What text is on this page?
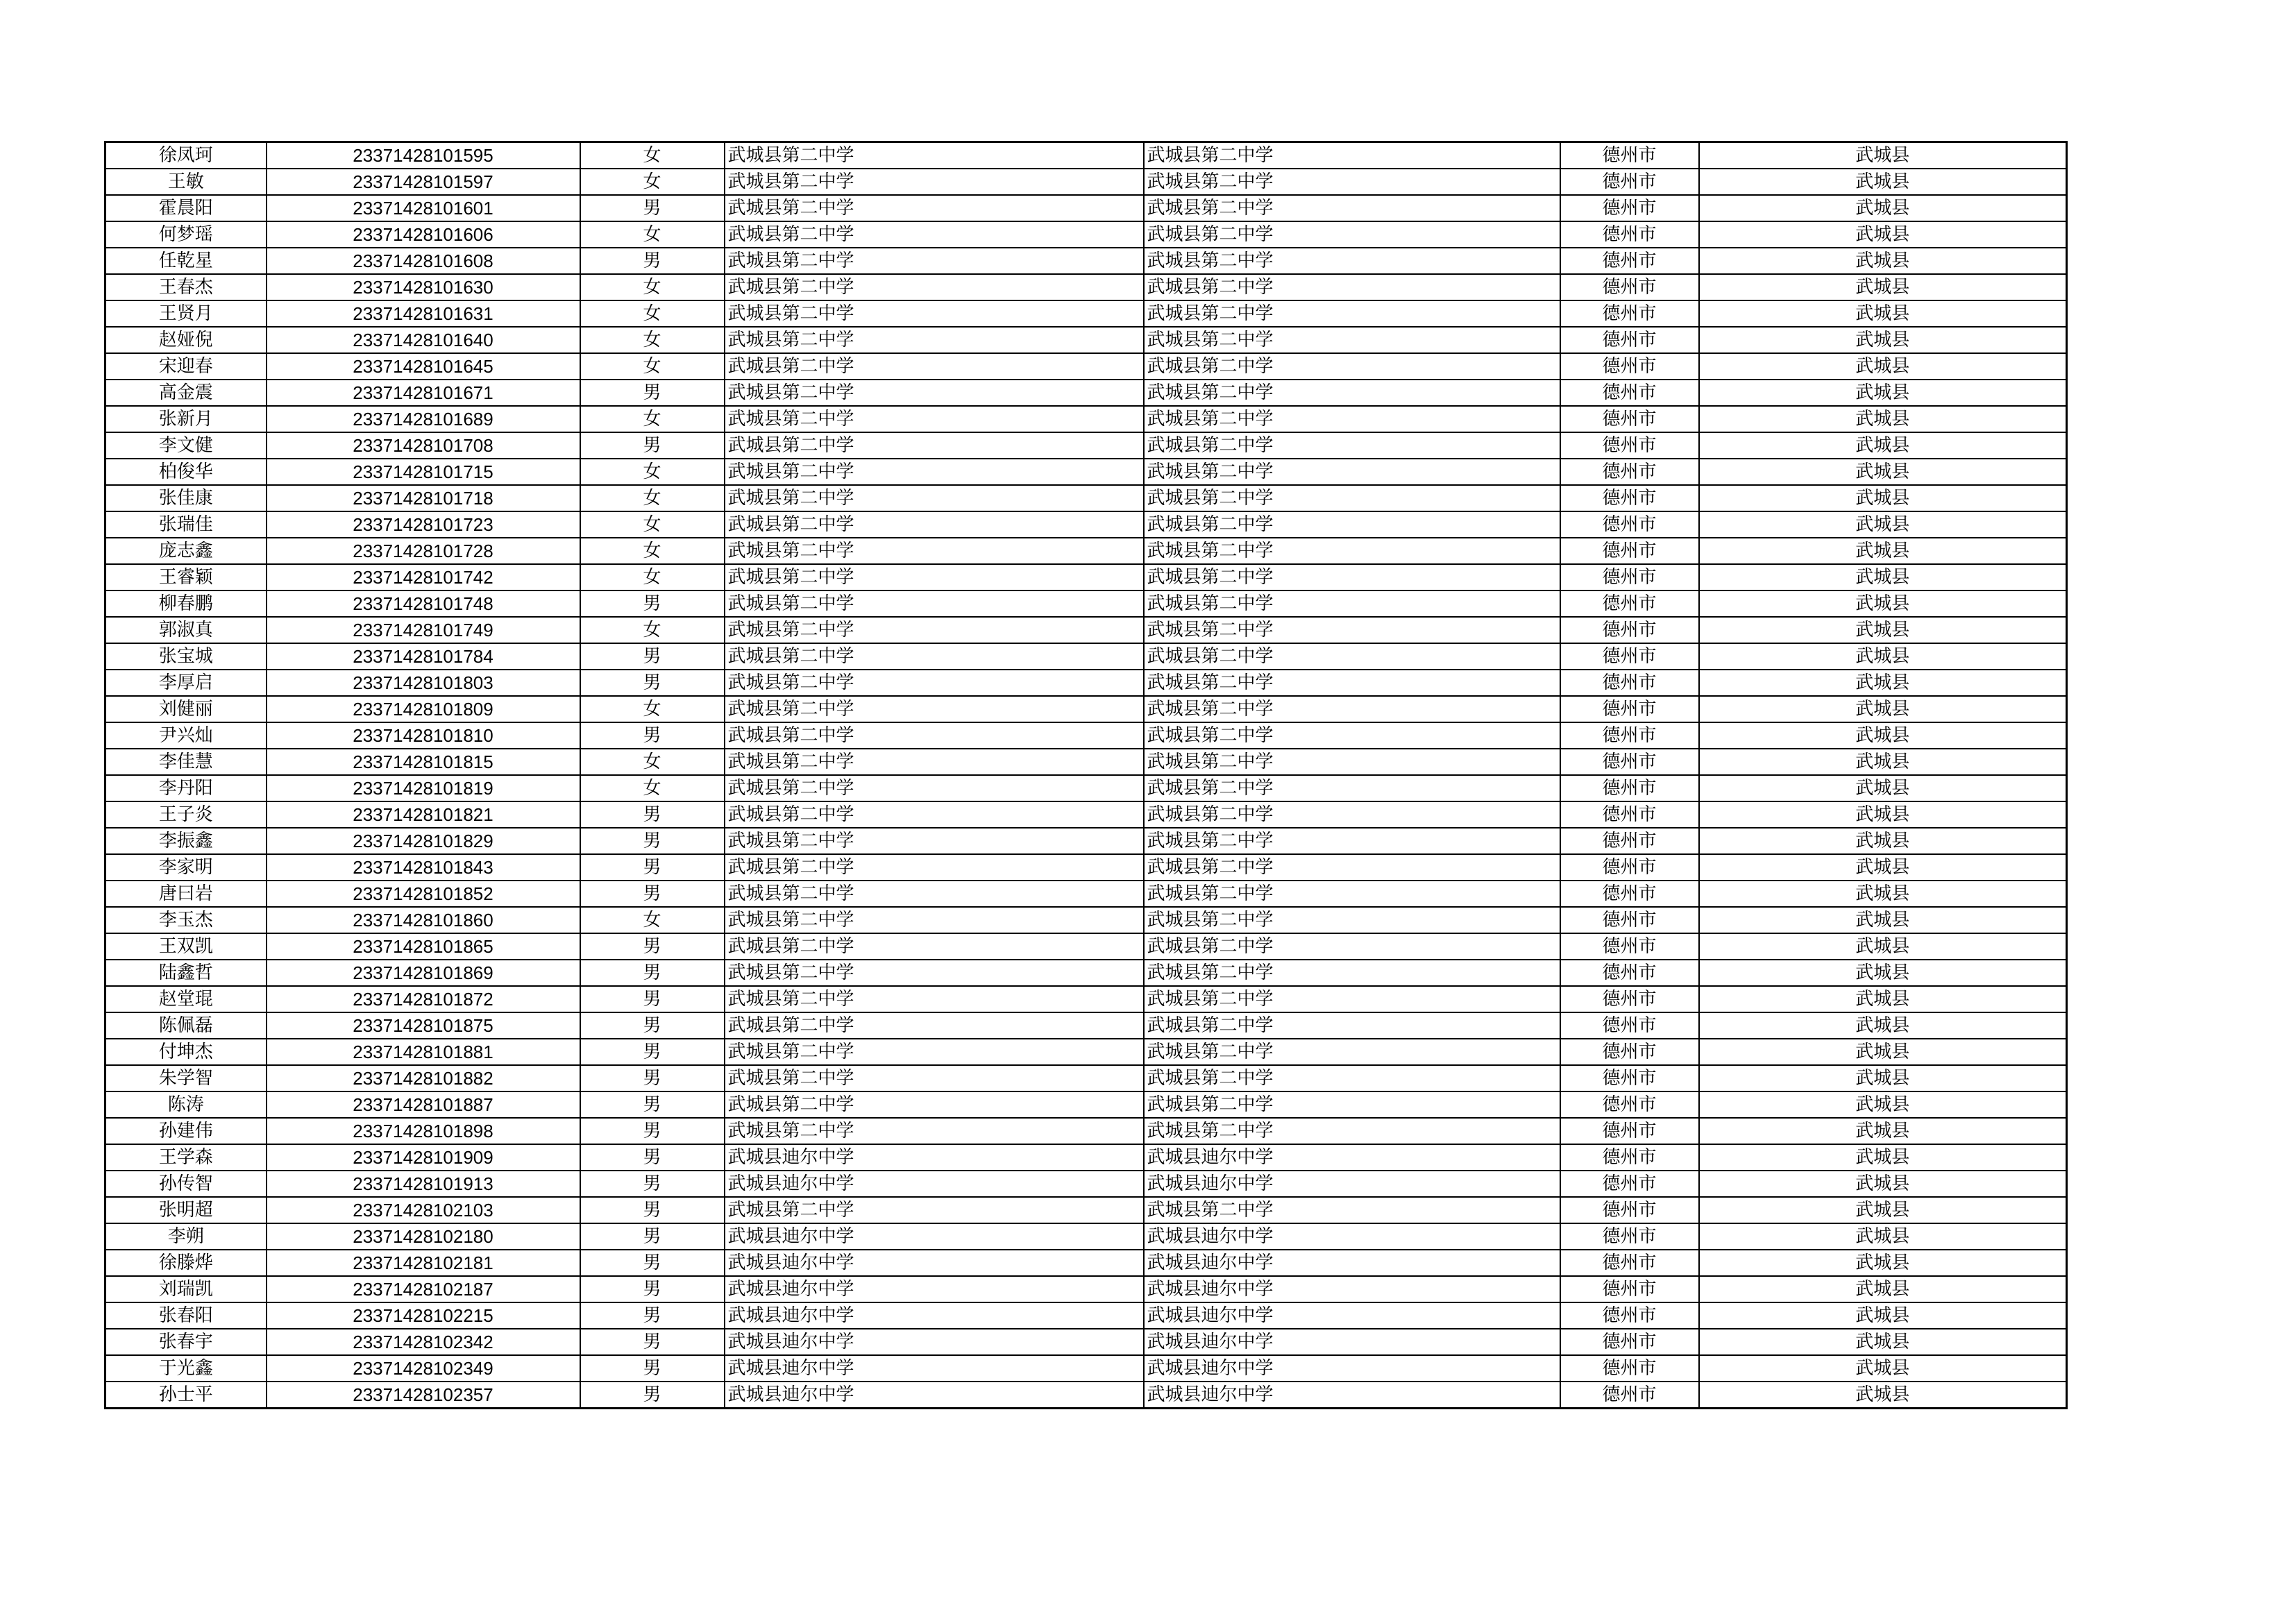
徐凤珂	23371428101595	女	武城县第二中学	武城县第二中学	德州市	武城县
王敏	23371428101597	女	武城县第二中学	武城县第二中学	德州市	武城县
霍晨阳	23371428101601	男	武城县第二中学	武城县第二中学	德州市	武城县
何梦瑶	23371428101606	女	武城县第二中学	武城县第二中学	德州市	武城县
任乾星	23371428101608	男	武城县第二中学	武城县第二中学	德州市	武城县
王春杰	23371428101630	女	武城县第二中学	武城县第二中学	德州市	武城县
王贤月	23371428101631	女	武城县第二中学	武城县第二中学	德州市	武城县
赵娅倪	23371428101640	女	武城县第二中学	武城县第二中学	德州市	武城县
宋迎春	23371428101645	女	武城县第二中学	武城县第二中学	德州市	武城县
高金震	23371428101671	男	武城县第二中学	武城县第二中学	德州市	武城县
张新月	23371428101689	女	武城县第二中学	武城县第二中学	德州市	武城县
李文健	23371428101708	男	武城县第二中学	武城县第二中学	德州市	武城县
柏俊华	23371428101715	女	武城县第二中学	武城县第二中学	德州市	武城县
张佳康	23371428101718	女	武城县第二中学	武城县第二中学	德州市	武城县
张瑞佳	23371428101723	女	武城县第二中学	武城县第二中学	德州市	武城县
庞志鑫	23371428101728	女	武城县第二中学	武城县第二中学	德州市	武城县
王睿颖	23371428101742	女	武城县第二中学	武城县第二中学	德州市	武城县
柳春鹏	23371428101748	男	武城县第二中学	武城县第二中学	德州市	武城县
郭淑真	23371428101749	女	武城县第二中学	武城县第二中学	德州市	武城县
张宝城	23371428101784	男	武城县第二中学	武城县第二中学	德州市	武城县
李厚启	23371428101803	男	武城县第二中学	武城县第二中学	德州市	武城县
刘健丽	23371428101809	女	武城县第二中学	武城县第二中学	德州市	武城县
尹兴灿	23371428101810	男	武城县第二中学	武城县第二中学	德州市	武城县
李佳慧	23371428101815	女	武城县第二中学	武城县第二中学	德州市	武城县
李丹阳	23371428101819	女	武城县第二中学	武城县第二中学	德州市	武城县
王子炎	23371428101821	男	武城县第二中学	武城县第二中学	德州市	武城县
李振鑫	23371428101829	男	武城县第二中学	武城县第二中学	德州市	武城县
李家明	23371428101843	男	武城县第二中学	武城县第二中学	德州市	武城县
唐曰岩	23371428101852	男	武城县第二中学	武城县第二中学	德州市	武城县
李玉杰	23371428101860	女	武城县第二中学	武城县第二中学	德州市	武城县
王双凯	23371428101865	男	武城县第二中学	武城县第二中学	德州市	武城县
陆鑫哲	23371428101869	男	武城县第二中学	武城县第二中学	德州市	武城县
赵堂琨	23371428101872	男	武城县第二中学	武城县第二中学	德州市	武城县
陈佩磊	23371428101875	男	武城县第二中学	武城县第二中学	德州市	武城县
付坤杰	23371428101881	男	武城县第二中学	武城县第二中学	德州市	武城县
朱学智	23371428101882	男	武城县第二中学	武城县第二中学	德州市	武城县
陈涛	23371428101887	男	武城县第二中学	武城县第二中学	德州市	武城县
孙建伟	23371428101898	男	武城县第二中学	武城县第二中学	德州市	武城县
王学森	23371428101909	男	武城县迪尔中学	武城县迪尔中学	德州市	武城县
孙传智	23371428101913	男	武城县迪尔中学	武城县迪尔中学	德州市	武城县
张明超	23371428102103	男	武城县第二中学	武城县第二中学	德州市	武城县
李朔	23371428102180	男	武城县迪尔中学	武城县迪尔中学	德州市	武城县
徐滕烨	23371428102181	男	武城县迪尔中学	武城县迪尔中学	德州市	武城县
刘瑞凯	23371428102187	男	武城县迪尔中学	武城县迪尔中学	德州市	武城县
张春阳	23371428102215	男	武城县迪尔中学	武城县迪尔中学	德州市	武城县
张春宇	23371428102342	男	武城县迪尔中学	武城县迪尔中学	德州市	武城县
于光鑫	23371428102349	男	武城县迪尔中学	武城县迪尔中学	德州市	武城县
孙士平	23371428102357	男	武城县迪尔中学	武城县迪尔中学	德州市	武城县
